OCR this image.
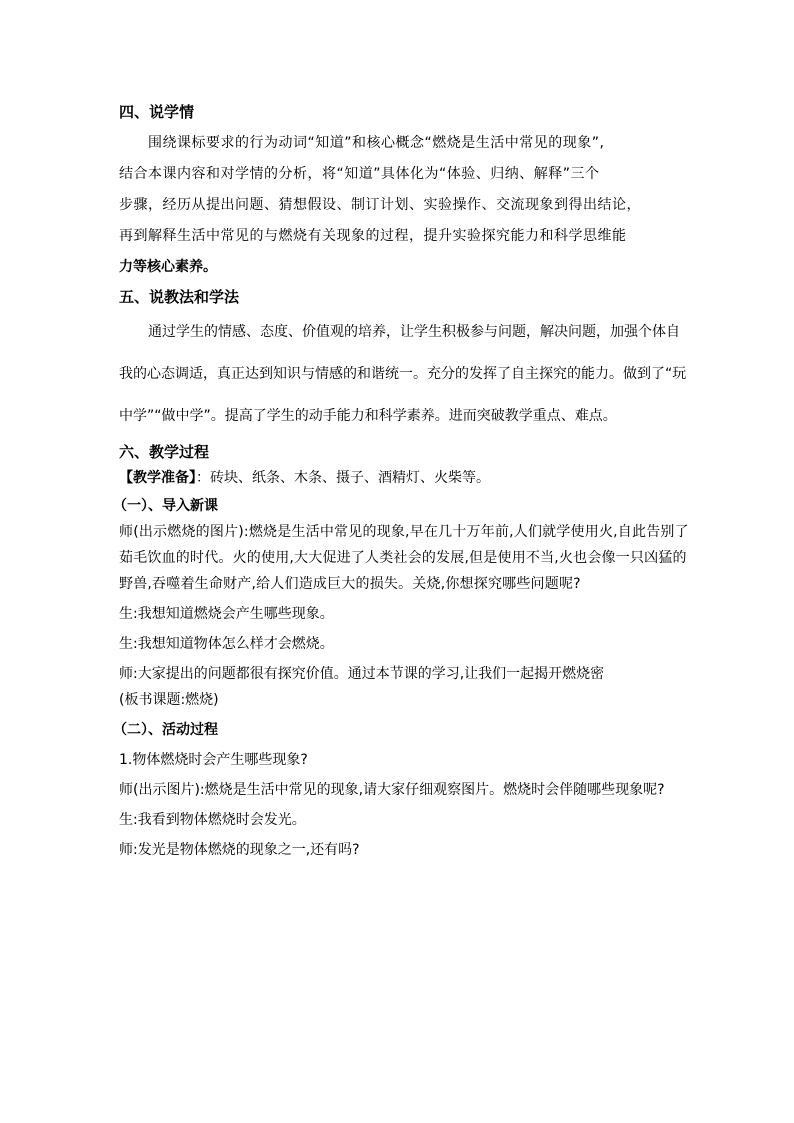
四、说学情
围绕课标要求的行为动词“知道”和核心概念“燃烧是生活中常见的现象”,
结合本课内容和对学情的分析，将“知道”具体化为“体验、归纳、解释”三个
步骤，经历从提出问题、猜想假设、制订计划、实验操作、交流现象到得出结论，
再到解释生活中常见的与燃烧有关现象的过程，提升实验探究能力和科学思维能
力等核心素养。
五、说教法和学法
通过学生的情感、态度、价值观的培养，让学生积极参与问题，解决问题，加强个体自我的心态调适，真正达到知识与情感的和谐统一。充分的发挥了自主探究的能力。做到了“玩中学”“做中学”。提高了学生的动手能力和科学素养。进而突破教学重点、难点。
六、教学过程
【教学准备】：砖块、纸条、木条、摄子、酒精灯、火柴等。
（一）、导入新课
师(出示燃烧的图片):燃烧是生活中常见的现象,早在几十万年前,人们就学使用火,自此告别了茹毛饮血的时代。火的使用,大大促进了人类社会的发展,但是使用不当,火也会像一只凶猛的野兽,吞噬着生命财产,给人们造成巨大的损失。关烧,你想探究哪些问题呢?
生:我想知道燃烧会产生哪些现象。
生:我想知道物体怎么样才会燃烧。
师:大家提出的问题都很有探究价值。通过本节课的学习,让我们一起揭开燃烧密
(板书课题:燃烧)
（二）、活动过程
1.物体燃烧时会产生哪些现象?
师(出示图片):燃烧是生活中常见的现象,请大家仔细观察图片。燃烧时会伴随哪些现象呢?
生:我看到物体燃烧时会发光。
师:发光是物体燃烧的现象之一,还有吗?
